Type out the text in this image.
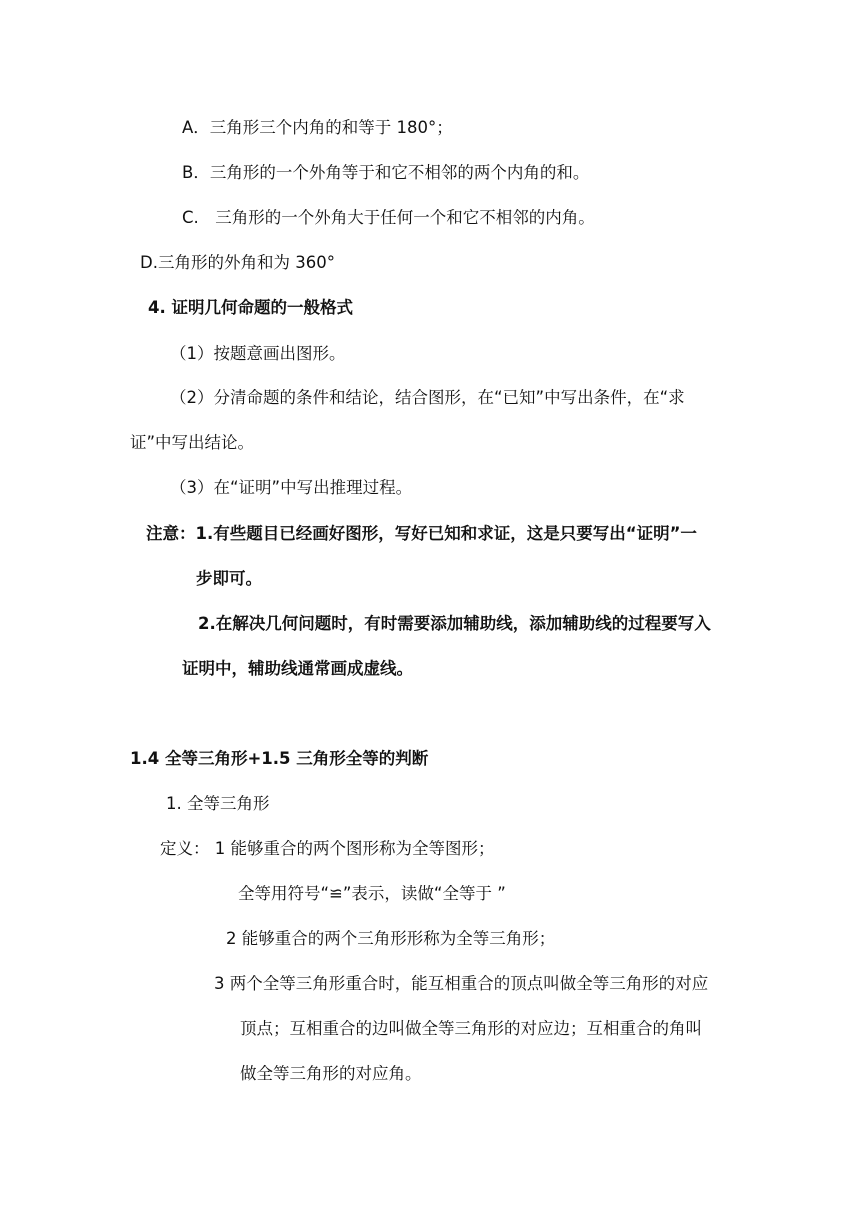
A．三角形三个内角的和等于 180°；
B．三角形的一个外角等于和它不相邻的两个内角的和。
C.　三角形的一个外角大于任何一个和它不相邻的内角。
D.三角形的外角和为 360°
4. 证明几何命题的一般格式
（1）按题意画出图形。
（2）分清命题的条件和结论，结合图形，在“已知”中写出条件，在“求
证”中写出结论。
（3）在“证明”中写出推理过程。
注意：1.有些题目已经画好图形，写好已知和求证，这是只要写出“证明”一
步即可。
2.在解决几何问题时，有时需要添加辅助线，添加辅助线的过程要写入
证明中，辅助线通常画成虚线。
1.4 全等三角形+1.5 三角形全等的判断
1. 全等三角形
定义： 1 能够重合的两个图形称为全等图形；
全等用符号“≌”表示，读做“全等于 ”
2 能够重合的两个三角形形称为全等三角形；
3 两个全等三角形重合时，能互相重合的顶点叫做全等三角形的对应
顶点；互相重合的边叫做全等三角形的对应边；互相重合的角叫
做全等三角形的对应角。
